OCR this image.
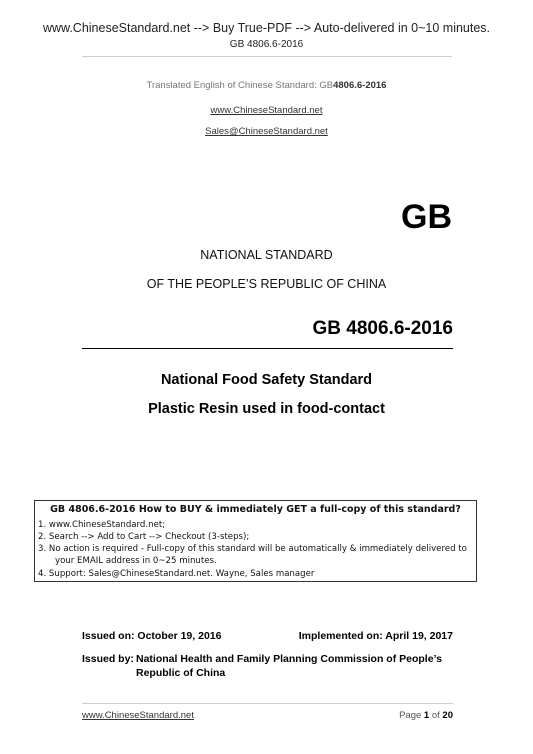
www.ChineseStandard.net --> Buy True-PDF --> Auto-delivered in 0~10 minutes.
GB 4806.6-2016
Translated English of Chinese Standard: GB4806.6-2016
www.ChineseStandard.net
Sales@ChineseStandard.net
GB
NATIONAL STANDARD
OF THE PEOPLE’S REPUBLIC OF CHINA
GB 4806.6-2016
National Food Safety Standard
Plastic Resin used in food-contact
GB 4806.6-2016 How to BUY & immediately GET a full-copy of this standard?
1. www.ChineseStandard.net;
2. Search --> Add to Cart --> Checkout (3-steps);
3. No action is required - Full-copy of this standard will be automatically & immediately delivered to
your EMAIL address in 0~25 minutes.
4. Support: Sales@ChineseStandard.net. Wayne, Sales manager
Issued on: October 19, 2016	Implemented on: April 19, 2017
Issued by: National Health and Family Planning Commission of People’s
Republic of China
www.ChineseStandard.net	Page 1 of 20
